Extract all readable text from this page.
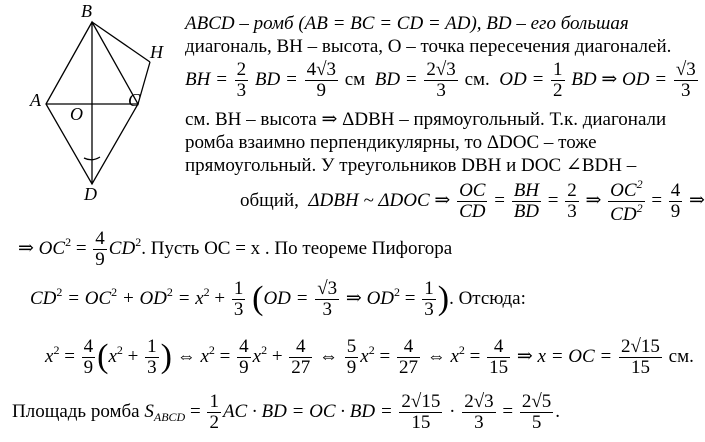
B
H
A	C
O
D
ABCD – ромб (AB = BC = CD = AD), BD – его большая
диагональ, BH – высота, O – точка пересечения диагоналей.
BH = $\frac{2}{3}$ BD = $\frac{4√3}{9}$ см BD = $\frac{2√3}{3}$ см. OD = $\frac{1}{2}$ BD ⇒ OD = $\frac{√3}{3}$
см. BH – высота ⇒ ΔDBH – прямоугольный. Т.к. диагонали
ромба взаимно перпендикулярны, то ΔDOC – тоже
прямоугольный. У треугольников DBH и DOC ∠BDH –
общий, ΔDBH ~ ΔDOC ⇒ $\frac{OC}{CD} = \frac{BH}{BD} = \frac{2}{3}$ ⇒ $\frac{OC^2}{CD^2} = \frac{4}{9}$ ⇒
⇒ $OC^2 = \frac{4}{9} CD^2$. Пусть OC = x . По теореме Пифогора
$CD^2 = OC^2 + OD^2 = x^2 + \frac{1}{3} (OD = \frac{√3}{3}$ ⇒ $OD^2 = \frac{1}{3}$ ). Отсюда:
$x^2 = \frac{4}{9} (x^2 + \frac{1}{3}$ ) ⇔ $x^2 = \frac{4}{9} x^2 + \frac{4}{27}$ ⇔ $\frac{5}{9} x^2 = \frac{4}{27}$ ⇔ $x^2 = \frac{4}{15}$ ⇒ x = OC = $\frac{2√15}{15}$ см.
Площадь ромба $S_{ABCD} = \frac{1}{2}$ AC · BD = OC · BD = $\frac{2√15}{15} \cdot \frac{2√3}{3} = \frac{2√5}{5}$ .
